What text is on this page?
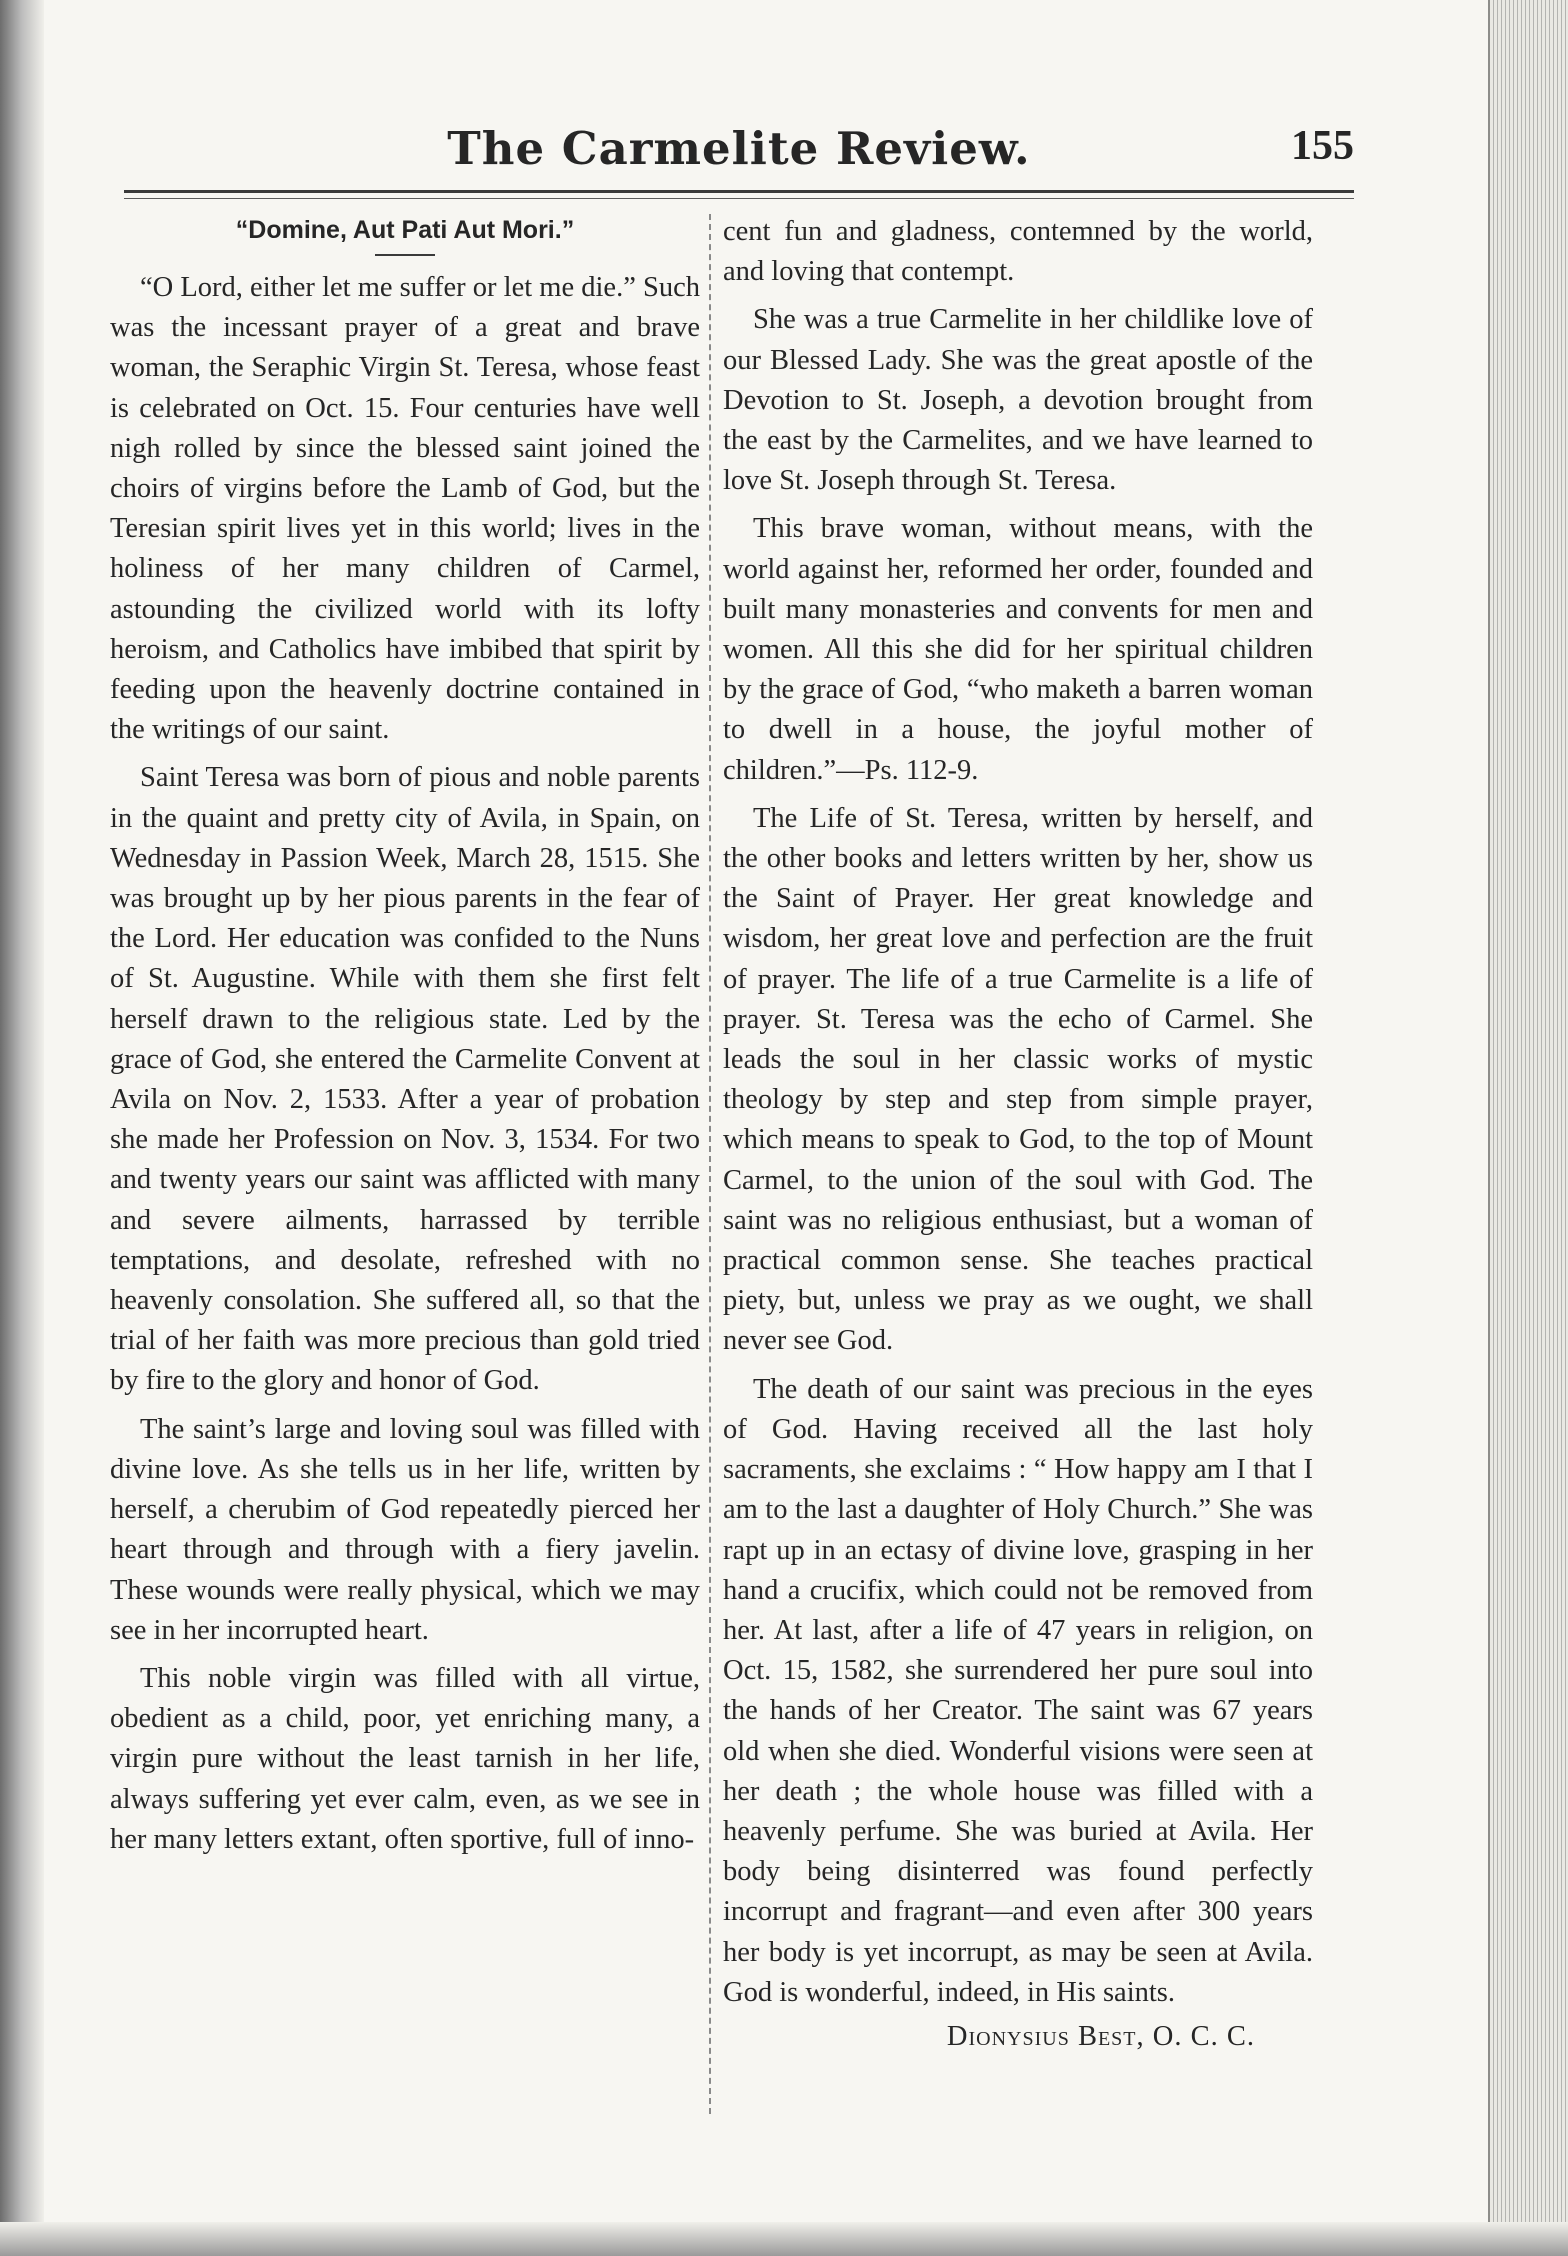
The Carmelite Review.	155
“Domine, Aut Pati Aut Mori.”

“O Lord, either let me suffer or let me die.” Such was the incessant prayer of a great and brave woman, the Seraphic Virgin St. Teresa, whose feast is celebrated on Oct. 15. Four centuries have well nigh rolled by since the blessed saint joined the choirs of virgins before the Lamb of God, but the Teresian spirit lives yet in this world; lives in the holiness of her many children of Carmel, astounding the civilized world with its lofty heroism, and Catholics have imbibed that spirit by feeding upon the heavenly doctrine contained in the writings of our saint.

Saint Teresa was born of pious and noble parents in the quaint and pretty city of Avila, in Spain, on Wednesday in Passion Week, March 28, 1515. She was brought up by her pious parents in the fear of the Lord. Her education was confided to the Nuns of St. Augustine. While with them she first felt herself drawn to the religious state. Led by the grace of God, she entered the Carmelite Convent at Avila on Nov. 2, 1533. After a year of probation she made her Profession on Nov. 3, 1534. For two and twenty years our saint was afflicted with many and severe ailments, harrassed by terrible temptations, and desolate, refreshed with no heavenly consolation. She suffered all, so that the trial of her faith was more precious than gold tried by fire to the glory and honor of God.

The saint’s large and loving soul was filled with divine love. As she tells us in her life, written by herself, a cherubim of God repeatedly pierced her heart through and through with a fiery javelin. These wounds were really physical, which we may see in her incorrupted heart.

This noble virgin was filled with all virtue, obedient as a child, poor, yet enriching many, a virgin pure without the least tarnish in her life, always suffering yet ever calm, even, as we see in her many letters extant, often sportive, full of inno-

cent fun and gladness, contemned by the world, and loving that contempt.

She was a true Carmelite in her childlike love of our Blessed Lady. She was the great apostle of the Devotion to St. Joseph, a devotion brought from the east by the Carmelites, and we have learned to love St. Joseph through St. Teresa.

This brave woman, without means, with the world against her, reformed her order, founded and built many monasteries and convents for men and women. All this she did for her spiritual children by the grace of God, “who maketh a barren woman to dwell in a house, the joyful mother of children.”—Ps. 112-9.

The Life of St. Teresa, written by herself, and the other books and letters written by her, show us the Saint of Prayer. Her great knowledge and wisdom, her great love and perfection are the fruit of prayer. The life of a true Carmelite is a life of prayer. St. Teresa was the echo of Carmel. She leads the soul in her classic works of mystic theology by step and step from simple prayer, which means to speak to God, to the top of Mount Carmel, to the union of the soul with God. The saint was no religious enthusiast, but a woman of practical common sense. She teaches practical piety, but, unless we pray as we ought, we shall never see God.

The death of our saint was precious in the eyes of God. Having received all the last holy sacraments, she exclaims : “ How happy am I that I am to the last a daughter of Holy Church.” She was rapt up in an ectasy of divine love, grasping in her hand a crucifix, which could not be removed from her. At last, after a life of 47 years in religion, on Oct. 15, 1582, she surrendered her pure soul into the hands of her Creator. The saint was 67 years old when she died. Wonderful visions were seen at her death ; the whole house was filled with a heavenly perfume. She was buried at Avila. Her body being disinterred was found perfectly incorrupt and fragrant—and even after 300 years her body is yet incorrupt, as may be seen at Avila. God is wonderful, indeed, in His saints.

Dionysius Best, O. C. C.
